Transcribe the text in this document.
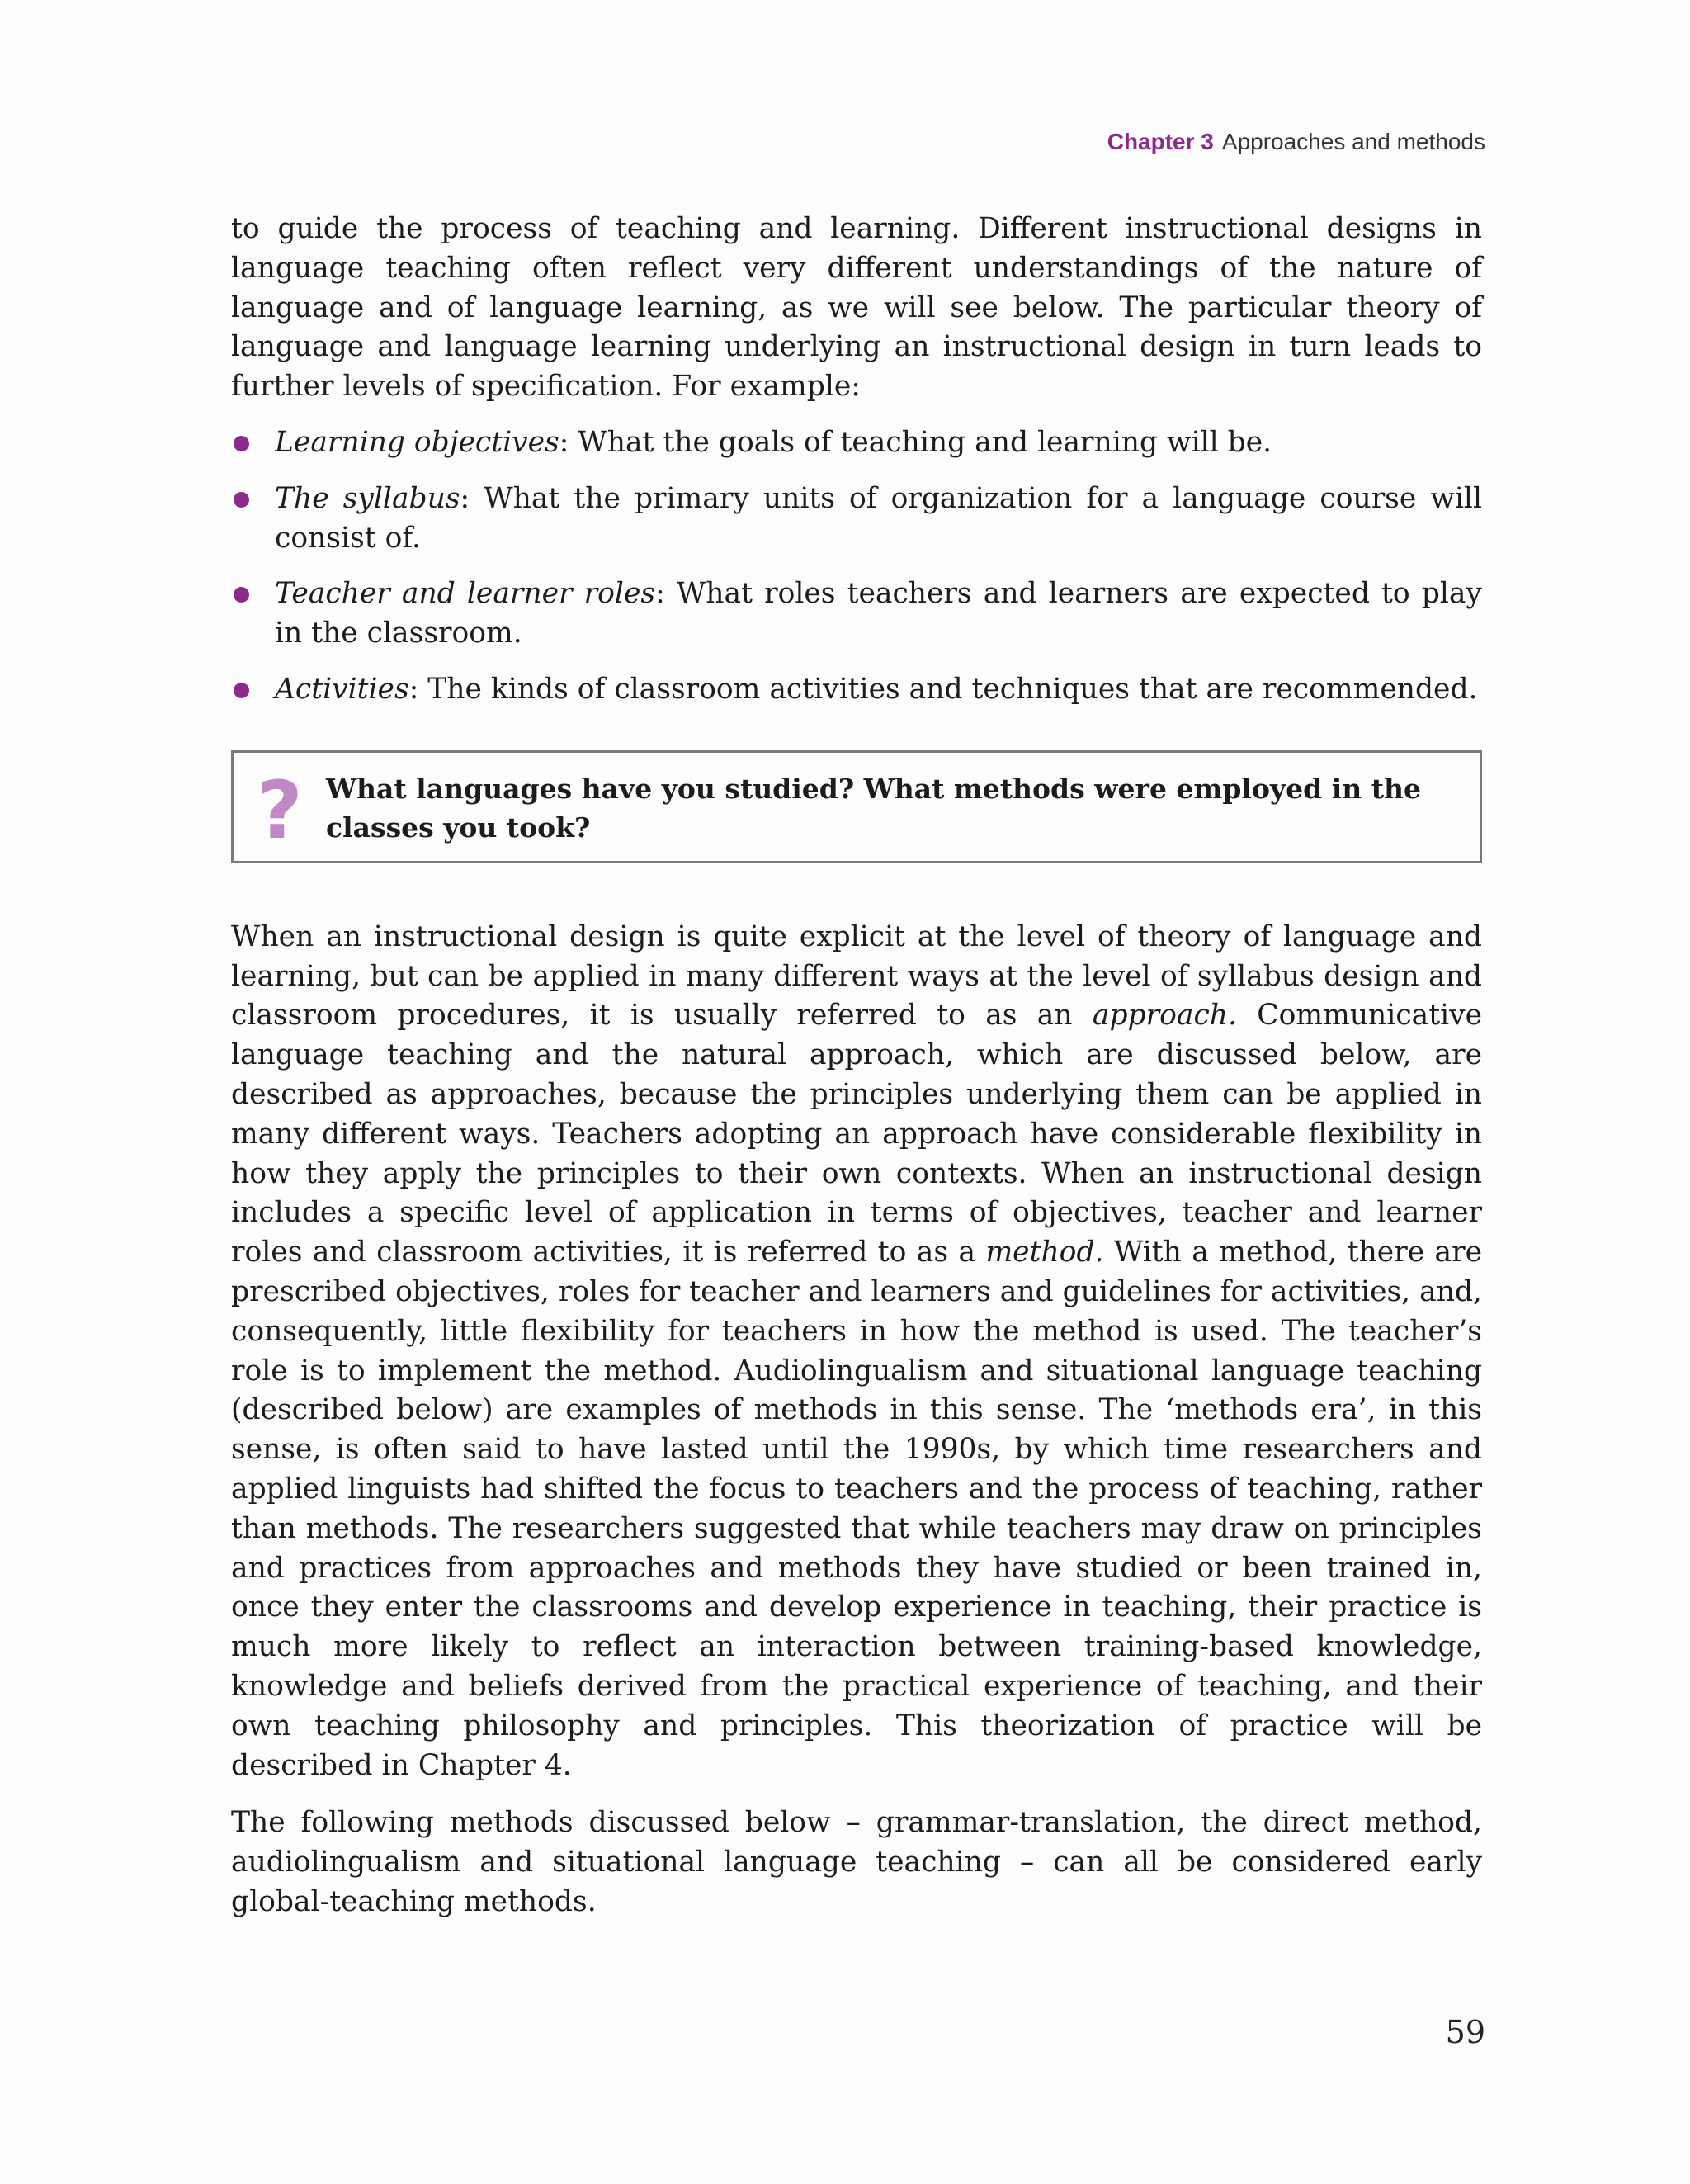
Chapter 3 Approaches and methods

to guide the process of teaching and learning. Different instructional designs in language teaching often reflect very different understandings of the nature of language and of language learning, as we will see below. The particular theory of language and language learning underlying an instructional design in turn leads to further levels of specification. For example:

Learning objectives: What the goals of teaching and learning will be.
The syllabus: What the primary units of organization for a language course will consist of.
Teacher and learner roles: What roles teachers and learners are expected to play in the classroom.
Activities: The kinds of classroom activities and techniques that are recommended.
? What languages have you studied? What methods were employed in the classes you took?

When an instructional design is quite explicit at the level of theory of language and learning, but can be applied in many different ways at the level of syllabus design and classroom procedures, it is usually referred to as an approach. Communicative language teaching and the natural approach, which are discussed below, are described as approaches, because the principles underlying them can be applied in many different ways. Teachers adopting an approach have considerable flexibility in how they apply the principles to their own contexts. When an instructional design includes a specific level of application in terms of objectives, teacher and learner roles and classroom activities, it is referred to as a method. With a method, there are prescribed objectives, roles for teacher and learners and guidelines for activities, and, consequently, little flexibility for teachers in how the method is used. The teacher’s role is to implement the method. Audiolingualism and situational language teaching (described below) are examples of methods in this sense. The ‘methods era’, in this sense, is often said to have lasted until the 1990s, by which time researchers and applied linguists had shifted the focus to teachers and the process of teaching, rather than methods. The researchers suggested that while teachers may draw on principles and practices from approaches and methods they have studied or been trained in, once they enter the classrooms and develop experience in teaching, their practice is much more likely to reflect an interaction between training-based knowledge, knowledge and beliefs derived from the practical experience of teaching, and their own teaching philosophy and principles. This theorization of practice will be described in Chapter 4.

The following methods discussed below – grammar-translation, the direct method, audiolingualism and situational language teaching – can all be considered early global-teaching methods.

59
